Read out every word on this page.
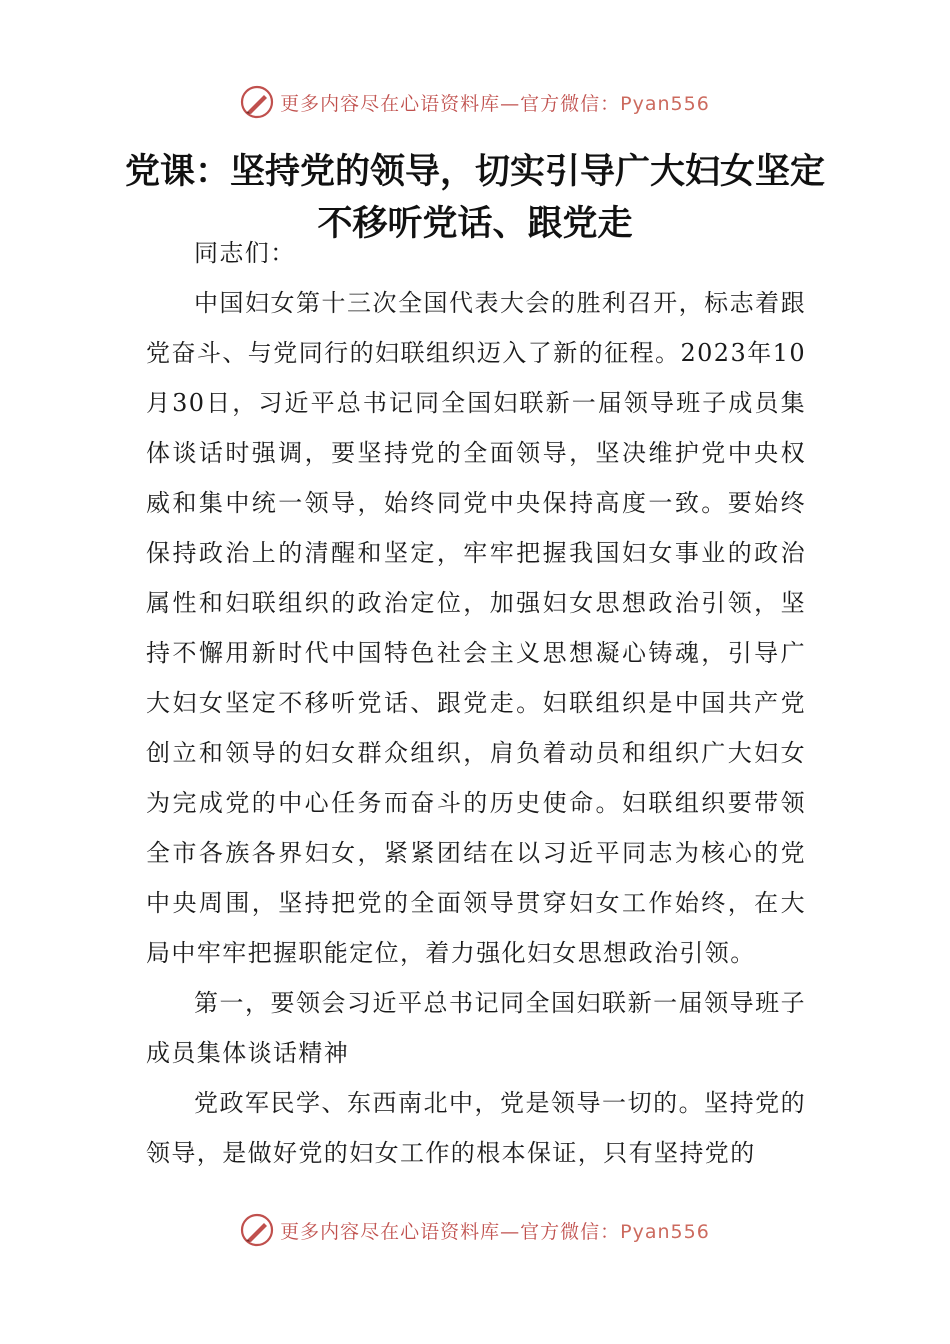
更多内容尽在心语资料库—官方微信：Pyan556
党课：坚持党的领导，切实引导广大妇女坚定不移听党话、跟党走

同志们：

中国妇女第十三次全国代表大会的胜利召开，标志着跟党奋斗、与党同行的妇联组织迈入了新的征程。2023年10月30日，习近平总书记同全国妇联新一届领导班子成员集体谈话时强调，要坚持党的全面领导，坚决维护党中央权威和集中统一领导，始终同党中央保持高度一致。要始终保持政治上的清醒和坚定，牢牢把握我国妇女事业的政治属性和妇联组织的政治定位，加强妇女思想政治引领，坚持不懈用新时代中国特色社会主义思想凝心铸魂，引导广大妇女坚定不移听党话、跟党走。妇联组织是中国共产党创立和领导的妇女群众组织，肩负着动员和组织广大妇女为完成党的中心任务而奋斗的历史使命。妇联组织要带领全市各族各界妇女，紧紧团结在以习近平同志为核心的党中央周围，坚持把党的全面领导贯穿妇女工作始终，在大局中牢牢把握职能定位，着力强化妇女思想政治引领。

第一，要领会习近平总书记同全国妇联新一届领导班子成员集体谈话精神

党政军民学、东西南北中，党是领导一切的。坚持党的领导，是做好党的妇女工作的根本保证，只有坚持党的

更多内容尽在心语资料库—官方微信：Pyan556
